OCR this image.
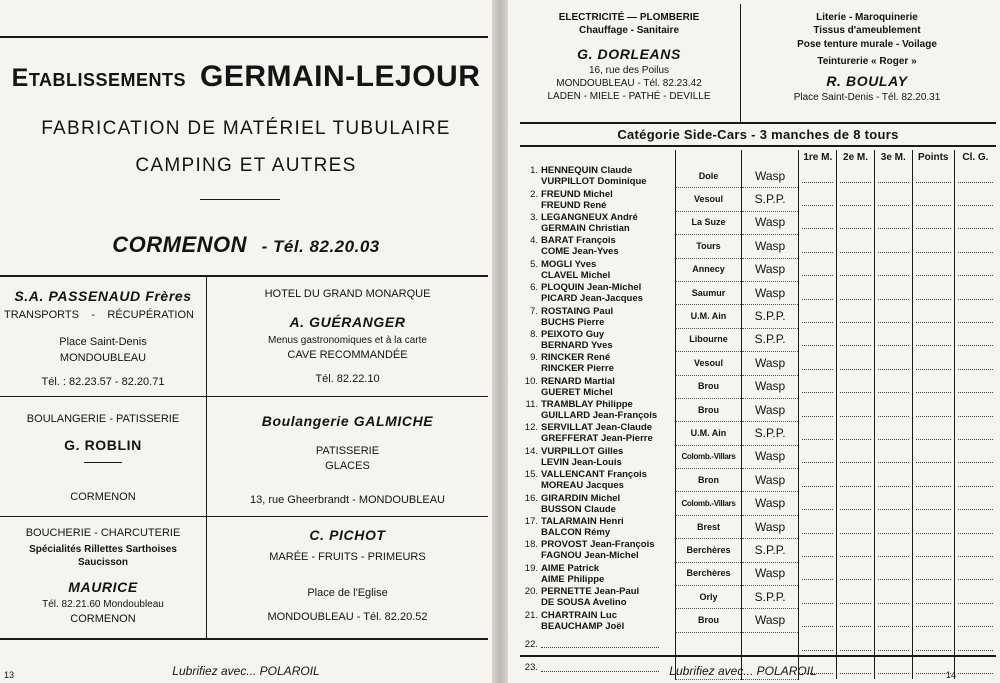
Etablissements GERMAIN-LEJOUR
FABRICATION DE MATÉRIEL TUBULAIRE
CAMPING ET AUTRES
CORMENON - Tél. 82.20.03
S.A. PASSENAUD Frères
TRANSPORTS - RÉCUPÉRATION
Place Saint-Denis
MONDOUBLEAU
Tél. : 82.23.57 - 82.20.71
HOTEL DU GRAND MONARQUE
A. GUÉRANGER
Menus gastronomiques et à la carte
CAVE RECOMMANDÉE
Tél. 82.22.10
BOULANGERIE - PATISSERIE
G. ROBLIN
CORMENON
Boulangerie GALMICHE
PATISSERIE
GLACES
13, rue Gheerbrandt - MONDOUBLEAU
BOUCHERIE - CHARCUTERIE
Spécialités Rillettes Sarthoises
Saucisson
MAURICE
Tél. 82.21.60 Mondoubleau
CORMENON
C. PICHOT
MARÉE - FRUITS - PRIMEURS
Place de l'Eglise
MONDOUBLEAU - Tél. 82.20.52
13	Lubrifiez avec... POLAROIL
ELECTRICITÉ — PLOMBERIE
Chauffage - Sanitaire
G. DORLEANS
16, rue des Poilus
MONDOUBLEAU - Tél. 82.23.42
LADEN - MIELE - PATHÉ - DEVILLE
Literie - Maroquinerie
Tissus d'ameublement
Pose tenture murale - Voilage
Teinturerie « Roger »
R. BOULAY
Place Saint-Denis - Tél. 82.20.31
Catégorie Side-Cars - 3 manches de 8 tours
			1re M.	2e M.	3e M.	Points	Cl. G.

1. HENNEQUIN Claude
VURPILLOT Dominique	Dole	Wasp	

2. FREUND Michel
FREUND René	Vesoul	S.P.P.	

3. LEGANGNEUX André
GERMAIN Christian	La Suze	Wasp	

4. BARAT François
COME Jean-Yves	Tours	Wasp	

5. MOGLI Yves
CLAVEL Michel	Annecy	Wasp	

6. PLOQUIN Jean-Michel
PICARD Jean-Jacques	Saumur	Wasp	

7. ROSTAING Paul
BUCHS Pierre	U.M. Ain	S.P.P.	

8. PEIXOTO Guy
BERNARD Yves	Libourne	S.P.P.	

9. RINCKER René
RINCKER Pierre	Vesoul	Wasp	

10. RENARD Martial
GUERET Michel	Brou	Wasp	

11. TRAMBLAY Philippe
GUILLARD Jean-François	Brou	Wasp	

12. SERVILLAT Jean-Claude
GREFFERAT Jean-Pierre	U.M. Ain	S.P.P.	

14. VURPILLOT Gilles
LEVIN Jean-Louis	Colomb.-Villars	Wasp	

15. VALLENCANT François
MOREAU Jacques	Bron	Wasp	

16. GIRARDIN Michel
BUSSON Claude	Colomb.-Villars	Wasp	

17. TALARMAIN Henri
BALCON Rémy	Brest	Wasp	

18. PROVOST Jean-François
FAGNOU Jean-Michel	Berchères	S.P.P.	

19. AIME Patrick
AIME Philippe	Berchères	Wasp	

20. PERNETTE Jean-Paul
DE SOUSA Avelino	Orly	S.P.P.	

21. CHARTRAIN Luc
BEAUCHAMP Joël	Brou	Wasp	

22.			

23.			

		Lubrifiez avec... POLAROIL	14
